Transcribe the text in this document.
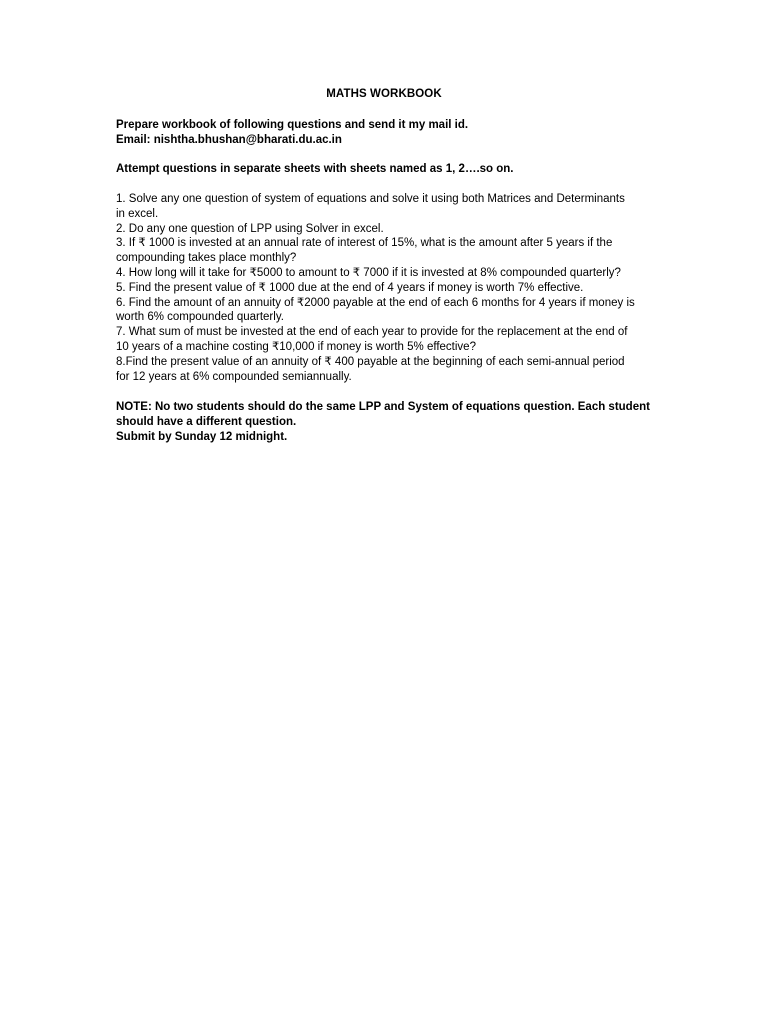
MATHS WORKBOOK
Prepare workbook of following questions and send it my mail id.
Email: nishtha.bhushan@bharati.du.ac.in
Attempt questions in separate sheets with sheets named as 1, 2….so on.
1. Solve any one question of system of equations and solve it using both Matrices and Determinants
in excel.
2. Do any one question of LPP using Solver in excel.
3. If ₹ 1000 is invested at an annual rate of interest of 15%, what is the amount after 5 years if the
compounding takes place monthly?
4. How long will it take for ₹5000 to amount to ₹ 7000 if it is invested at 8% compounded quarterly?
5. Find the present value of ₹ 1000 due at the end of 4 years if money is worth 7% effective.
6. Find the amount of an annuity of ₹2000 payable at the end of each 6 months for 4 years if money is
worth 6% compounded quarterly.
7. What sum of must be invested at the end of each year to provide for the replacement at the end of
10 years of a machine costing ₹10,000 if money is worth 5% effective?
8.Find the present value of an annuity of ₹ 400 payable at the beginning of each semi-annual period
for 12 years at 6% compounded semiannually.
NOTE: No two students should do the same LPP and System of equations question. Each student
should have a different question.
Submit by Sunday 12 midnight.
